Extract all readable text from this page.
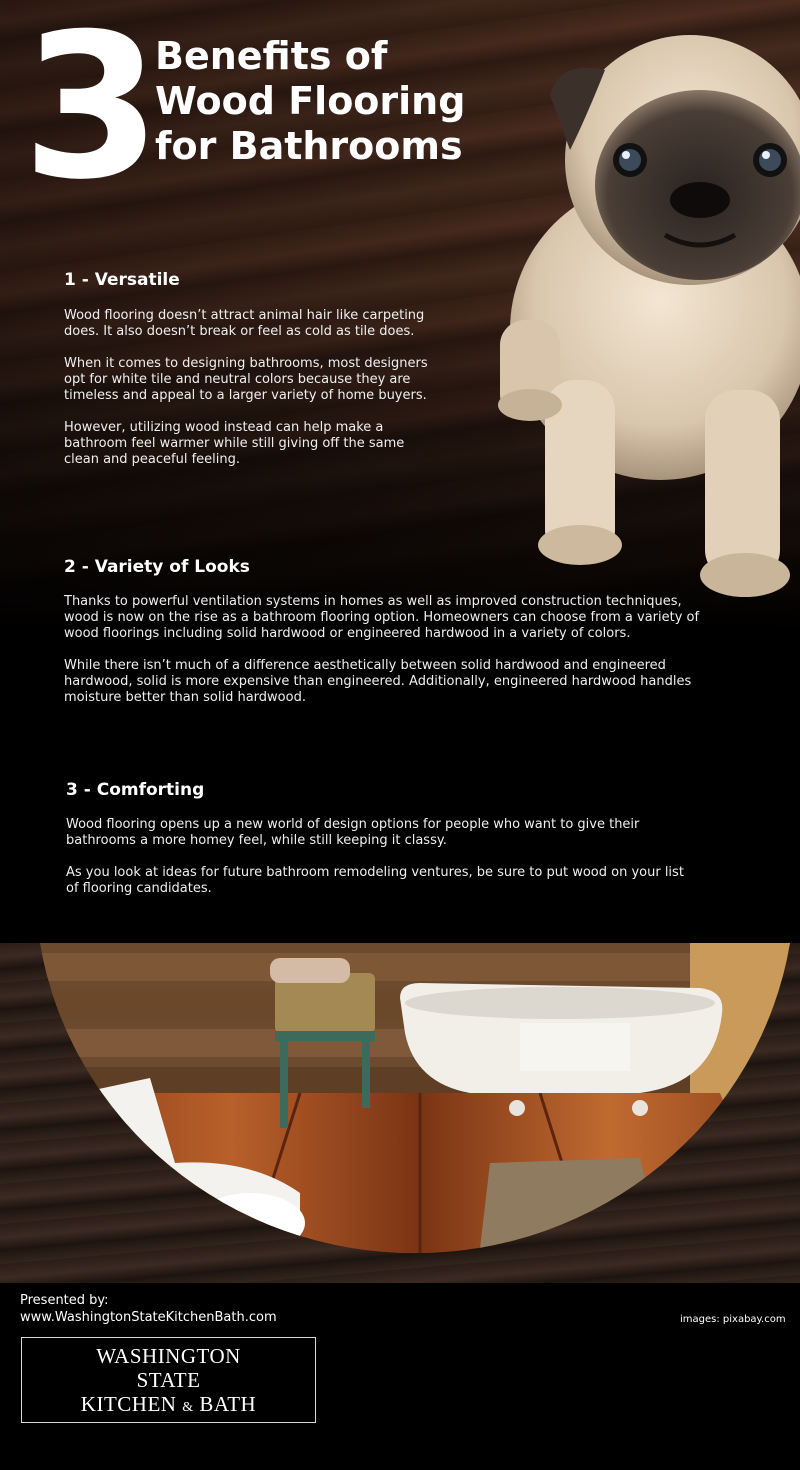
3 Benefits of
Wood Flooring
for Bathrooms
1 - Versatile

Wood flooring doesn’t attract animal hair like carpeting does. It also doesn’t break or feel as cold as tile does.

When it comes to designing bathrooms, most designers opt for white tile and neutral colors because they are timeless and appeal to a larger variety of home buyers.

However, utilizing wood instead can help make a bathroom feel warmer while still giving off the same clean and peaceful feeling.

2 - Variety of Looks

Thanks to powerful ventilation systems in homes as well as improved construction techniques, wood is now on the rise as a bathroom flooring option. Homeowners can choose from a variety of wood floorings including solid hardwood or engineered hardwood in a variety of colors.

While there isn’t much of a difference aesthetically between solid hardwood and engineered hardwood, solid is more expensive than engineered. Additionally, engineered hardwood handles moisture better than solid hardwood.

3 - Comforting

Wood flooring opens up a new world of design options for people who want to give their bathrooms a more homey feel, while still keeping it classy.

As you look at ideas for future bathroom remodeling ventures, be sure to put wood on your list of flooring candidates.

Presented by:
www.WashingtonStateKitchenBath.com	images: pixabay.com
WASHINGTON
STATE
KITCHEN & BATH
